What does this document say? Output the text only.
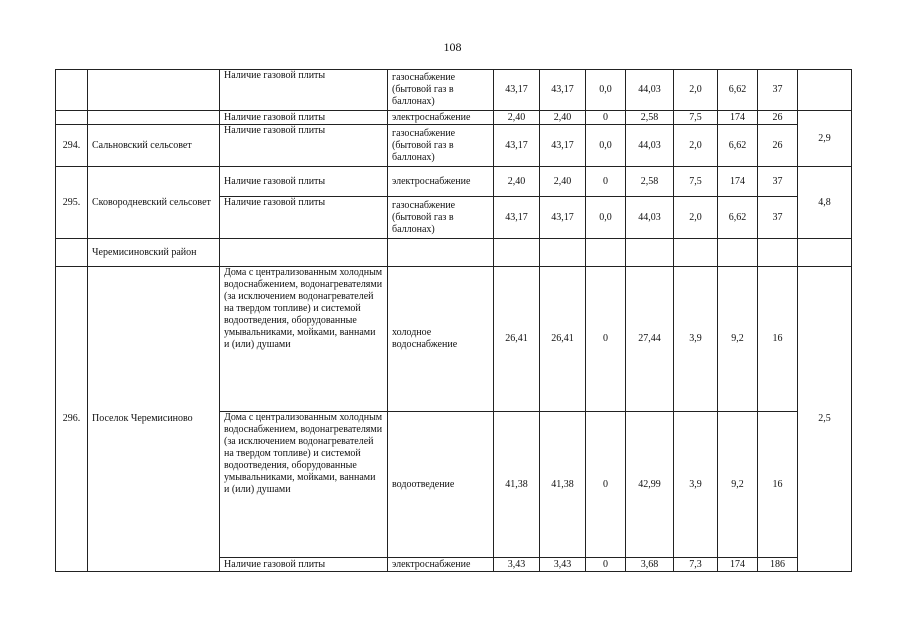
108
		Наличие газовой плиты	газоснабжение (бытовой газ в баллонах)	43,17	43,17	0,0	44,03	2,0	6,62	37	
		Наличие газовой плиты	электроснабжение	2,40	2,40	0	2,58	7,5	174	26	2,9
294.	Сальновский сельсовет	Наличие газовой плиты	газоснабжение (бытовой газ в баллонах)	43,17	43,17	0,0	44,03	2,0	6,62	26	
295.	Сковородневский сельсовет	Наличие газовой плиты	электроснабжение	2,40	2,40	0	2,58	7,5	174	37	4,8
		Наличие газовой плиты	газоснабжение (бытовой газ в баллонах)	43,17	43,17	0,0	44,03	2,0	6,62	37	
	Черемисиновский район										
296.	Поселок Черемисиново	Дома с централизованным холодным водоснабжением, водонагревателями (за исключением водонагревателей на твердом топливе) и системой водоотведения, оборудованные умывальниками, мойками, ваннами и (или) душами	холодное водоснабжение	26,41	26,41	0	27,44	3,9	9,2	16	2,5
		Дома с централизованным холодным водоснабжением, водонагревателями (за исключением водонагревателей на твердом топливе) и системой водоотведения, оборудованные умывальниками, мойками, ваннами и (или) душами	водоотведение	41,38	41,38	0	42,99	3,9	9,2	16	
		Наличие газовой плиты	электроснабжение	3,43	3,43	0	3,68	7,3	174	186	
